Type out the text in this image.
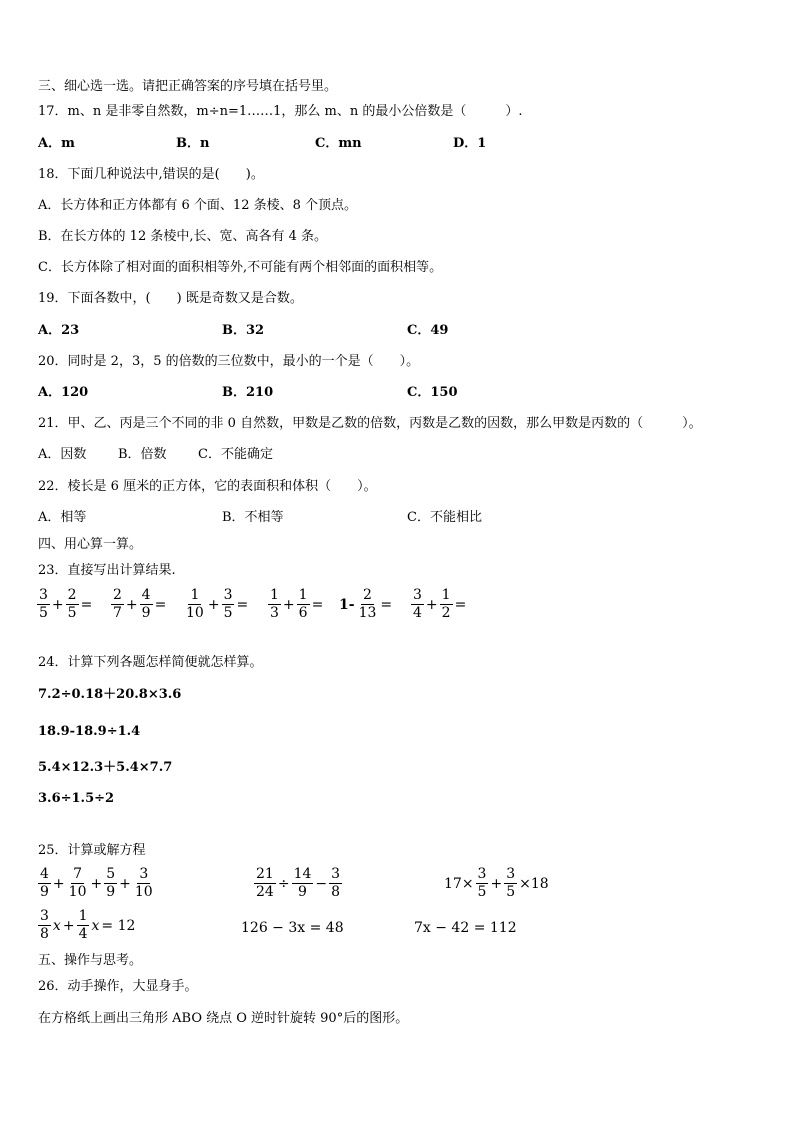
三、细心选一选。请把正确答案的序号填在括号里。
17．m、n 是非零自然数，m÷n=1……1，那么 m、n 的最小公倍数是（　　　）.
A．m	B．n	C．mn	D．1
18．下面几种说法中,错误的是(　　)。
A．长方体和正方体都有 6 个面、12 条棱、8 个顶点。
B．在长方体的 12 条棱中,长、宽、高各有 4 条。
C．长方体除了相对面的面积相等外,不可能有两个相邻面的面积相等。
19．下面各数中，(　　) 既是奇数又是合数。
A．23	B．32	C．49
20．同时是 2，3，5 的倍数的三位数中，最小的一个是（　　）。
A．120	B．210	C．150
21．甲、乙、丙是三个不同的非 0 自然数，甲数是乙数的倍数，丙数是乙数的因数，那么甲数是丙数的（　　　）。
A．因数 B．倍数 C．不能确定
22．棱长是 6 厘米的正方体，它的表面积和体积（　　）。
A．相等	B．不相等	C．不能相比
四、用心算一算。
23．直接写出计算结果.
$\frac{3}{5} + \frac{2}{5} = \frac{2}{7} + \frac{4}{9} = \frac{1}{10} + \frac{3}{5} = \frac{1}{3} + \frac{1}{6} = 1- \frac{2}{13} = \frac{3}{4} + \frac{1}{2}$ =
24．计算下列各题怎样简便就怎样算。
7.2÷0.18＋20.8×3.6
18.9-18.9÷1.4
5.4×12.3＋5.4×7.7
3.6÷1.5÷2
25．计算或解方程
$\frac{4}{9} + \frac{7}{10} + \frac{5}{9} + \frac{3}{10}$	$\frac{21}{24} \div \frac{14}{9} - \frac{3}{8}$	$17\times \frac{3}{5} + \frac{3}{5} \times 18$
$\frac{3}{8}$ $x + \frac{1}{4}$ x = 12	126 − 3x = 48	7x − 42 = 112
五、操作与思考。
26．动手操作，大显身手。
在方格纸上画出三角形 ABO 绕点 O 逆时针旋转 90°后的图形。
